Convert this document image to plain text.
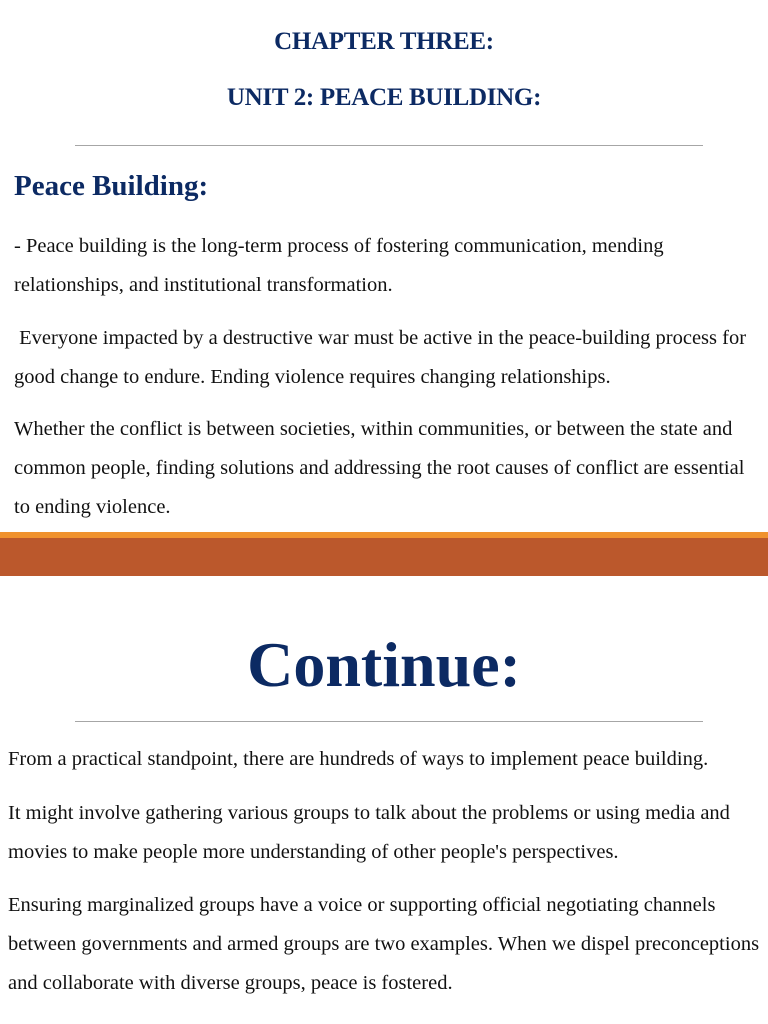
CHAPTER THREE:
UNIT 2: PEACE BUILDING:
Peace Building:

- Peace building is the long-term process of fostering communication, mending relationships, and institutional transformation.

Everyone impacted by a destructive war must be active in the peace-building process for good change to endure. Ending violence requires changing relationships.

Whether the conflict is between societies, within communities, or between the state and common people, finding solutions and addressing the root causes of conflict are essential to ending violence.

Continue:

From a practical standpoint, there are hundreds of ways to implement peace building.

It might involve gathering various groups to talk about the problems or using media and movies to make people more understanding of other people's perspectives.

Ensuring marginalized groups have a voice or supporting official negotiating channels between governments and armed groups are two examples. When we dispel preconceptions and collaborate with diverse groups, peace is fostered.
